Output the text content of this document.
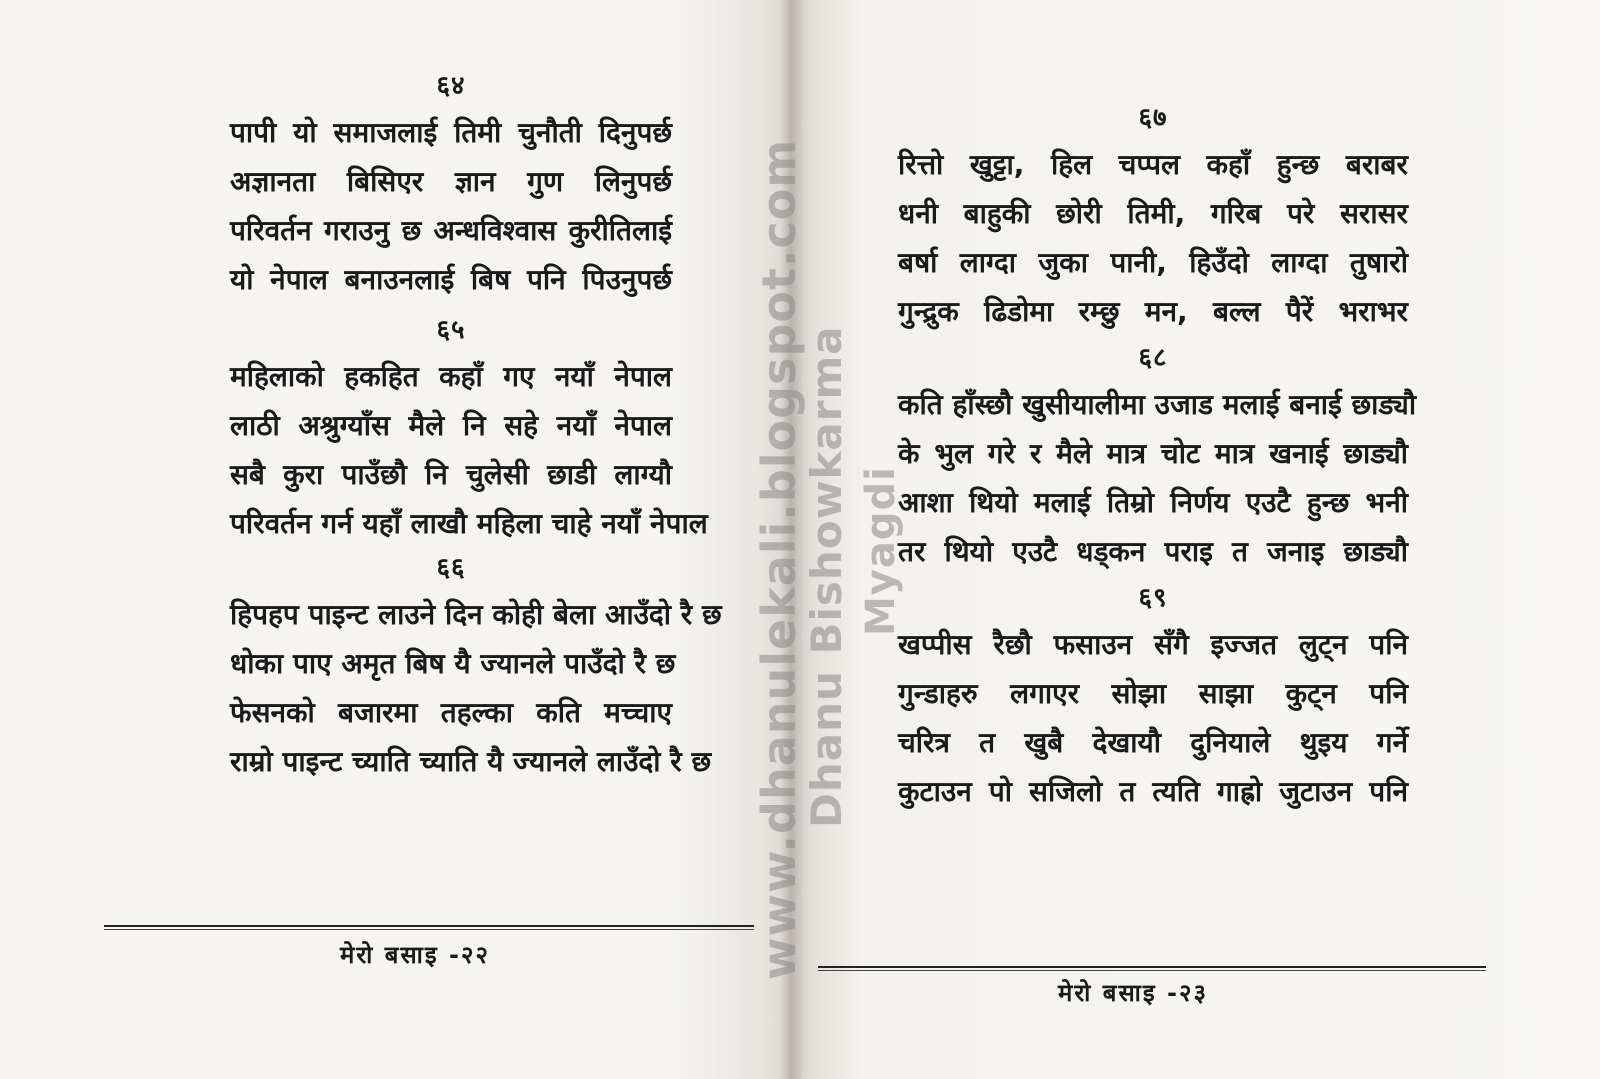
६४
पापी यो समाजलाई तिमी चुनौती दिनुपर्छ
अज्ञानता बिसिएर ज्ञान गुण लिनुपर्छ
परिवर्तन गराउनु छ अन्धविश्वास कुरीतिलाई
यो नेपाल बनाउनलाई बिष पनि पिउनुपर्छ
६५
महिलाको हकहित कहाँ गए नयाँ नेपाल
लाठी अश्रुग्याँस मैले नि सहे नयाँ नेपाल
सबै कुरा पाउँछौ नि चुलेसी छाडी लाग्यौ
परिवर्तन गर्न यहाँ लाखौ महिला चाहे नयाँ नेपाल
६६
हिपहप पाइन्ट लाउने दिन कोही बेला आउँदो रै छ
धोका पाए अमृत बिष यै ज्यानले पाउँदो रै छ
फेसनको बजारमा तहल्का कति मच्चाए
राम्रो पाइन्ट च्याति च्याति यै ज्यानले लाउँदो रै छ
मेरो बसाइ -२२
६७
रित्तो खुट्टा, हिल चप्पल कहाँ हुन्छ बराबर
धनी बाहुकी छोरी तिमी, गरिब परे सरासर
बर्षा लाग्दा जुका पानी, हिउँदो लाग्दा तुषारो
गुन्द्रुक ढिडोमा रम्छु मन, बल्ल पैरें भराभर
६८
कति हाँस्छौ खुसीयालीमा उजाड मलाई बनाई छाड्यौ
के भुल गरे र मैले मात्र चोट मात्र खनाई छाड्यौ
आशा थियो मलाई तिम्रो निर्णय एउटै हुन्छ भनी
तर थियो एउटै धड्कन पराइ त जनाइ छाड्यौ
६९
खप्पीस रैछौ फसाउन सँगै इज्जत लुट्न पनि
गुन्डाहरु लगाएर सोझा साझा कुट्न पनि
चरित्र त खुबै देखायौ दुनियाले थुइय गर्ने
कुटाउन पो सजिलो त त्यति गाह्रो जुटाउन पनि
मेरो बसाइ -२३
www.dhanulekali.blogspot.com
Dhanu Bishowkarma Myagdi
